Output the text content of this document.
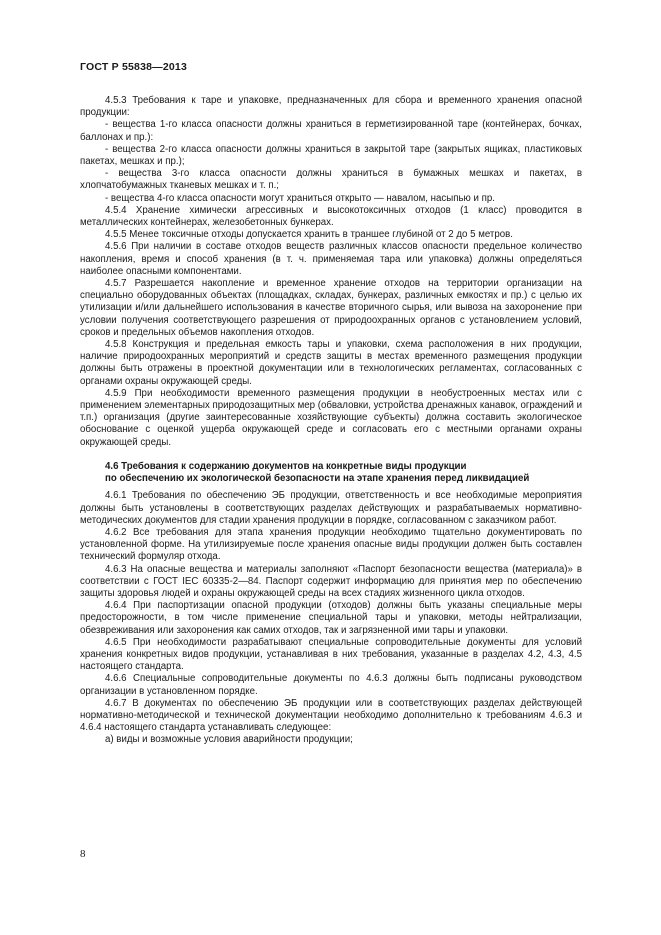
ГОСТ Р 55838—2013

4.5.3 Требования к таре и упаковке, предназначенных для сбора и временного хранения опасной продукции:

- вещества 1-го класса опасности должны храниться в герметизированной таре (контейнерах, бочках, баллонах и пр.):

- вещества 2-го класса опасности должны храниться в закрытой таре (закрытых ящиках, пластиковых пакетах, мешках и пр.);

- вещества 3-го класса опасности должны храниться в бумажных мешках и пакетах, в хлопчатобумажных тканевых мешках и т. п.;

- вещества 4-го класса опасности могут храниться открыто — навалом, насыпью и пр.

4.5.4 Хранение химически агрессивных и высокотоксичных отходов (1 класс) проводится в металлических контейнерах, железобетонных бункерах.

4.5.5 Менее токсичные отходы допускается хранить в траншее глубиной от 2 до 5 метров.

4.5.6 При наличии в составе отходов веществ различных классов опасности предельное количество накопления, время и способ хранения (в т. ч. применяемая тара или упаковка) должны определяться наиболее опасными компонентами.

4.5.7 Разрешается накопление и временное хранение отходов на территории организации на специально оборудованных объектах (площадках, складах, бункерах, различных емкостях и пр.) с целью их утилизации и/или дальнейшего использования в качестве вторичного сырья, или вывоза на захоронение при условии получения соответствующего разрешения от природоохранных органов с установлением условий, сроков и предельных объемов накопления отходов.

4.5.8 Конструкция и предельная емкость тары и упаковки, схема расположения в них продукции, наличие природоохранных мероприятий и средств защиты в местах временного размещения продукции должны быть отражены в проектной документации или в технологических регламентах, согласованных с органами охраны окружающей среды.

4.5.9 При необходимости временного размещения продукции в необустроенных местах или с применением элементарных природозащитных мер (обваловки, устройства дренажных канавок, ограждений и т.п.) организация (другие заинтересованные хозяйствующие субъекты) должна составить экологическое обоснование с оценкой ущерба окружающей среде и согласовать его с местными органами охраны окружающей среды.

4.6 Требования к содержанию документов на конкретные виды продукции

по обеспечению их экологической безопасности на этапе хранения перед ликвидацией

4.6.1 Требования по обеспечению ЭБ продукции, ответственность и все необходимые мероприятия должны быть установлены в соответствующих разделах действующих и разрабатываемых нормативно-методических документов для стадии хранения продукции в порядке, согласованном с заказчиком работ.

4.6.2 Все требования для этапа хранения продукции необходимо тщательно документировать по установленной форме. На утилизируемые после хранения опасные виды продукции должен быть составлен технический формуляр отхода.

4.6.3 На опасные вещества и материалы заполняют «Паспорт безопасности вещества (материала)» в соответствии с ГОСТ IEC 60335-2—84. Паспорт содержит информацию для принятия мер по обеспечению защиты здоровья людей и охраны окружающей среды на всех стадиях жизненного цикла отходов.

4.6.4 При паспортизации опасной продукции (отходов) должны быть указаны специальные меры предосторожности, в том числе применение специальной тары и упаковки, методы нейтрализации, обезвреживания или захоронения как самих отходов, так и загрязненной ими тары и упаковки.

4.6.5 При необходимости разрабатывают специальные сопроводительные документы для условий хранения конкретных видов продукции, устанавливая в них требования, указанные в разделах 4.2, 4.3, 4.5 настоящего стандарта.

4.6.6 Специальные сопроводительные документы по 4.6.3 должны быть подписаны руководством организации в установленном порядке.

4.6.7 В документах по обеспечению ЭБ продукции или в соответствующих разделах действующей нормативно-методической и технической документации необходимо дополнительно к требованиям 4.6.3 и 4.6.4 настоящего стандарта устанавливать следующее:

а) виды и возможные условия аварийности продукции;

8
